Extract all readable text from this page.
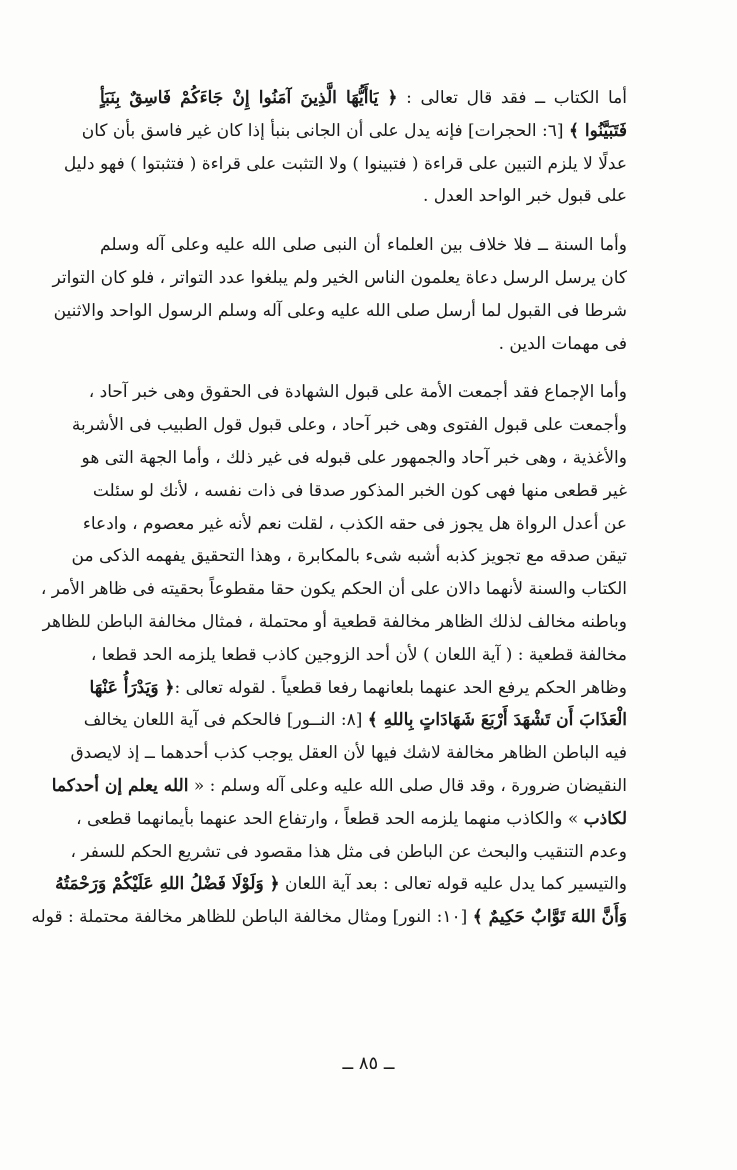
أما الكتاب ــ فقد قال تعالى : ﴿ يَاأَيُّهَا الَّذِينَ آمَنُوا إِنْ جَاءَكُمْ فَاسِقٌ بِنَبَأٍ
فَتَبَيَّنُوا ﴾ [٦: الحجرات] فإنه يدل على أن الجانى بنبأ إذا كان غير فاسق بأن كان
عدلًا لا يلزم التبين على قراءة ( فتبينوا ) ولا التثبت على قراءة ( فتثبتوا ) فهو دليل
على قبول خبر الواحد العدل .
وأما السنة ــ فلا خلاف بين العلماء أن النبى صلى الله عليه وعلى آله وسلم
كان يرسل الرسل دعاة يعلمون الناس الخير ولم يبلغوا عدد التواتر ، فلو كان التواتر
شرطا فى القبول لما أرسل صلى الله عليه وعلى آله وسلم الرسول الواحد والاثنين
فى مهمات الدين .
وأما الإجماع فقد أجمعت الأمة على قبول الشهادة فى الحقوق وهى خبر آحاد ،
وأجمعت على قبول الفتوى وهى خبر آحاد ، وعلى قبول قول الطبيب فى الأشربة
والأغذية ، وهى خبر آحاد والجمهور على قبوله فى غير ذلك ، وأما الجهة التى هو
غير قطعى منها فهى كون الخبر المذكور صدقا فى ذات نفسه ، لأنك لو سئلت
عن أعدل الرواة هل يجوز فى حقه الكذب ، لقلت نعم لأنه غير معصوم ، وادعاء
تيقن صدقه مع تجويز كذبه أشبه شىء بالمكابرة ، وهذا التحقيق يفهمه الذكى من
الكتاب والسنة لأنهما دالان على أن الحكم يكون حقا مقطوعاً بحقيته فى ظاهر الأمر ،
وباطنه مخالف لذلك الظاهر مخالفة قطعية أو محتملة ، فمثال مخالفة الباطن للظاهر
مخالفة قطعية : ( آية اللعان ) لأن أحد الزوجين كاذب قطعا يلزمه الحد قطعا ،
وظاهر الحكم يرفع الحد عنهما بلعانهما رفعا قطعياً . لقوله تعالى :﴿ وَيَدْرَأُ عَنْهَا
الْعَذَابَ أَن تَشْهَدَ أَرْبَعَ شَهَادَاتٍ بِاللهِ ﴾ [٨: النــور] فالحكم فى آية اللعان يخالف
فيه الباطن الظاهر مخالفة لاشك فيها لأن العقل يوجب كذب أحدهما ــ إذ لايصدق
النقيضان ضرورة ، وقد قال صلى الله عليه وعلى آله وسلم : « الله يعلم إن أحدكما
لكاذب » والكاذب منهما يلزمه الحد قطعاً ، وارتفاع الحد عنهما بأيمانهما قطعى ،
وعدم التنقيب والبحث عن الباطن فى مثل هذا مقصود فى تشريع الحكم للسفر ،
والتيسير كما يدل عليه قوله تعالى : بعد آية اللعان ﴿ وَلَوْلَا فَضْلُ اللهِ عَلَيْكُمْ وَرَحْمَتُهُ
وَأَنَّ اللهَ تَوَّابٌ حَكِيمٌ ﴾ [١٠: النور] ومثال مخالفة الباطن للظاهر مخالفة محتملة : قوله
ــ ٨٥ ــ
